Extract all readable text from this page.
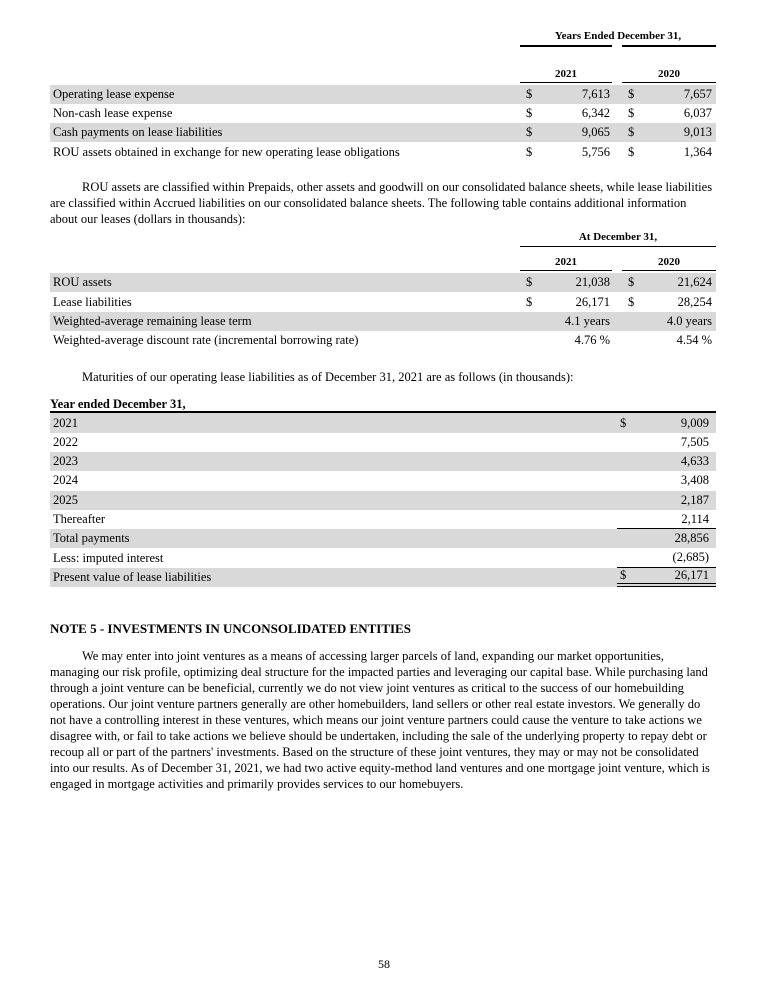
Years Ended December 31,
2021	2020
Operating lease expense	$	7,613	$	7,657
Non-cash lease expense	$	6,342	$	6,037
Cash payments on lease liabilities	$	9,065	$	9,013
ROU assets obtained in exchange for new operating lease obligations	$	5,756	$	1,364

ROU assets are classified within Prepaids, other assets and goodwill on our consolidated balance sheets, while lease liabilities are classified within Accrued liabilities on our consolidated balance sheets. The following table contains additional information about our leases (dollars in thousands):

At December 31,
2021	2020
ROU assets	$	21,038	$	21,624
Lease liabilities	$	26,171	$	28,254
Weighted-average remaining lease term	4.1 years	4.0 years
Weighted-average discount rate (incremental borrowing rate)	4.76 %	4.54 %

Maturities of our operating lease liabilities as of December 31, 2021 are as follows (in thousands):

Year ended December 31,
2021	$	9,009
2022	7,505
2023	4,633
2024	3,408
2025	2,187
Thereafter	2,114
Total payments	28,856
Less: imputed interest	(2,685)
Present value of lease liabilities	$	26,171
NOTE 5 - INVESTMENTS IN UNCONSOLIDATED ENTITIES

We may enter into joint ventures as a means of accessing larger parcels of land, expanding our market opportunities, managing our risk profile, optimizing deal structure for the impacted parties and leveraging our capital base. While purchasing land through a joint venture can be beneficial, currently we do not view joint ventures as critical to the success of our homebuilding operations. Our joint venture partners generally are other homebuilders, land sellers or other real estate investors. We generally do not have a controlling interest in these ventures, which means our joint venture partners could cause the venture to take actions we disagree with, or fail to take actions we believe should be undertaken, including the sale of the underlying property to repay debt or recoup all or part of the partners' investments. Based on the structure of these joint ventures, they may or may not be consolidated into our results. As of December 31, 2021, we had two active equity-method land ventures and one mortgage joint venture, which is engaged in mortgage activities and primarily provides services to our homebuyers.

58
